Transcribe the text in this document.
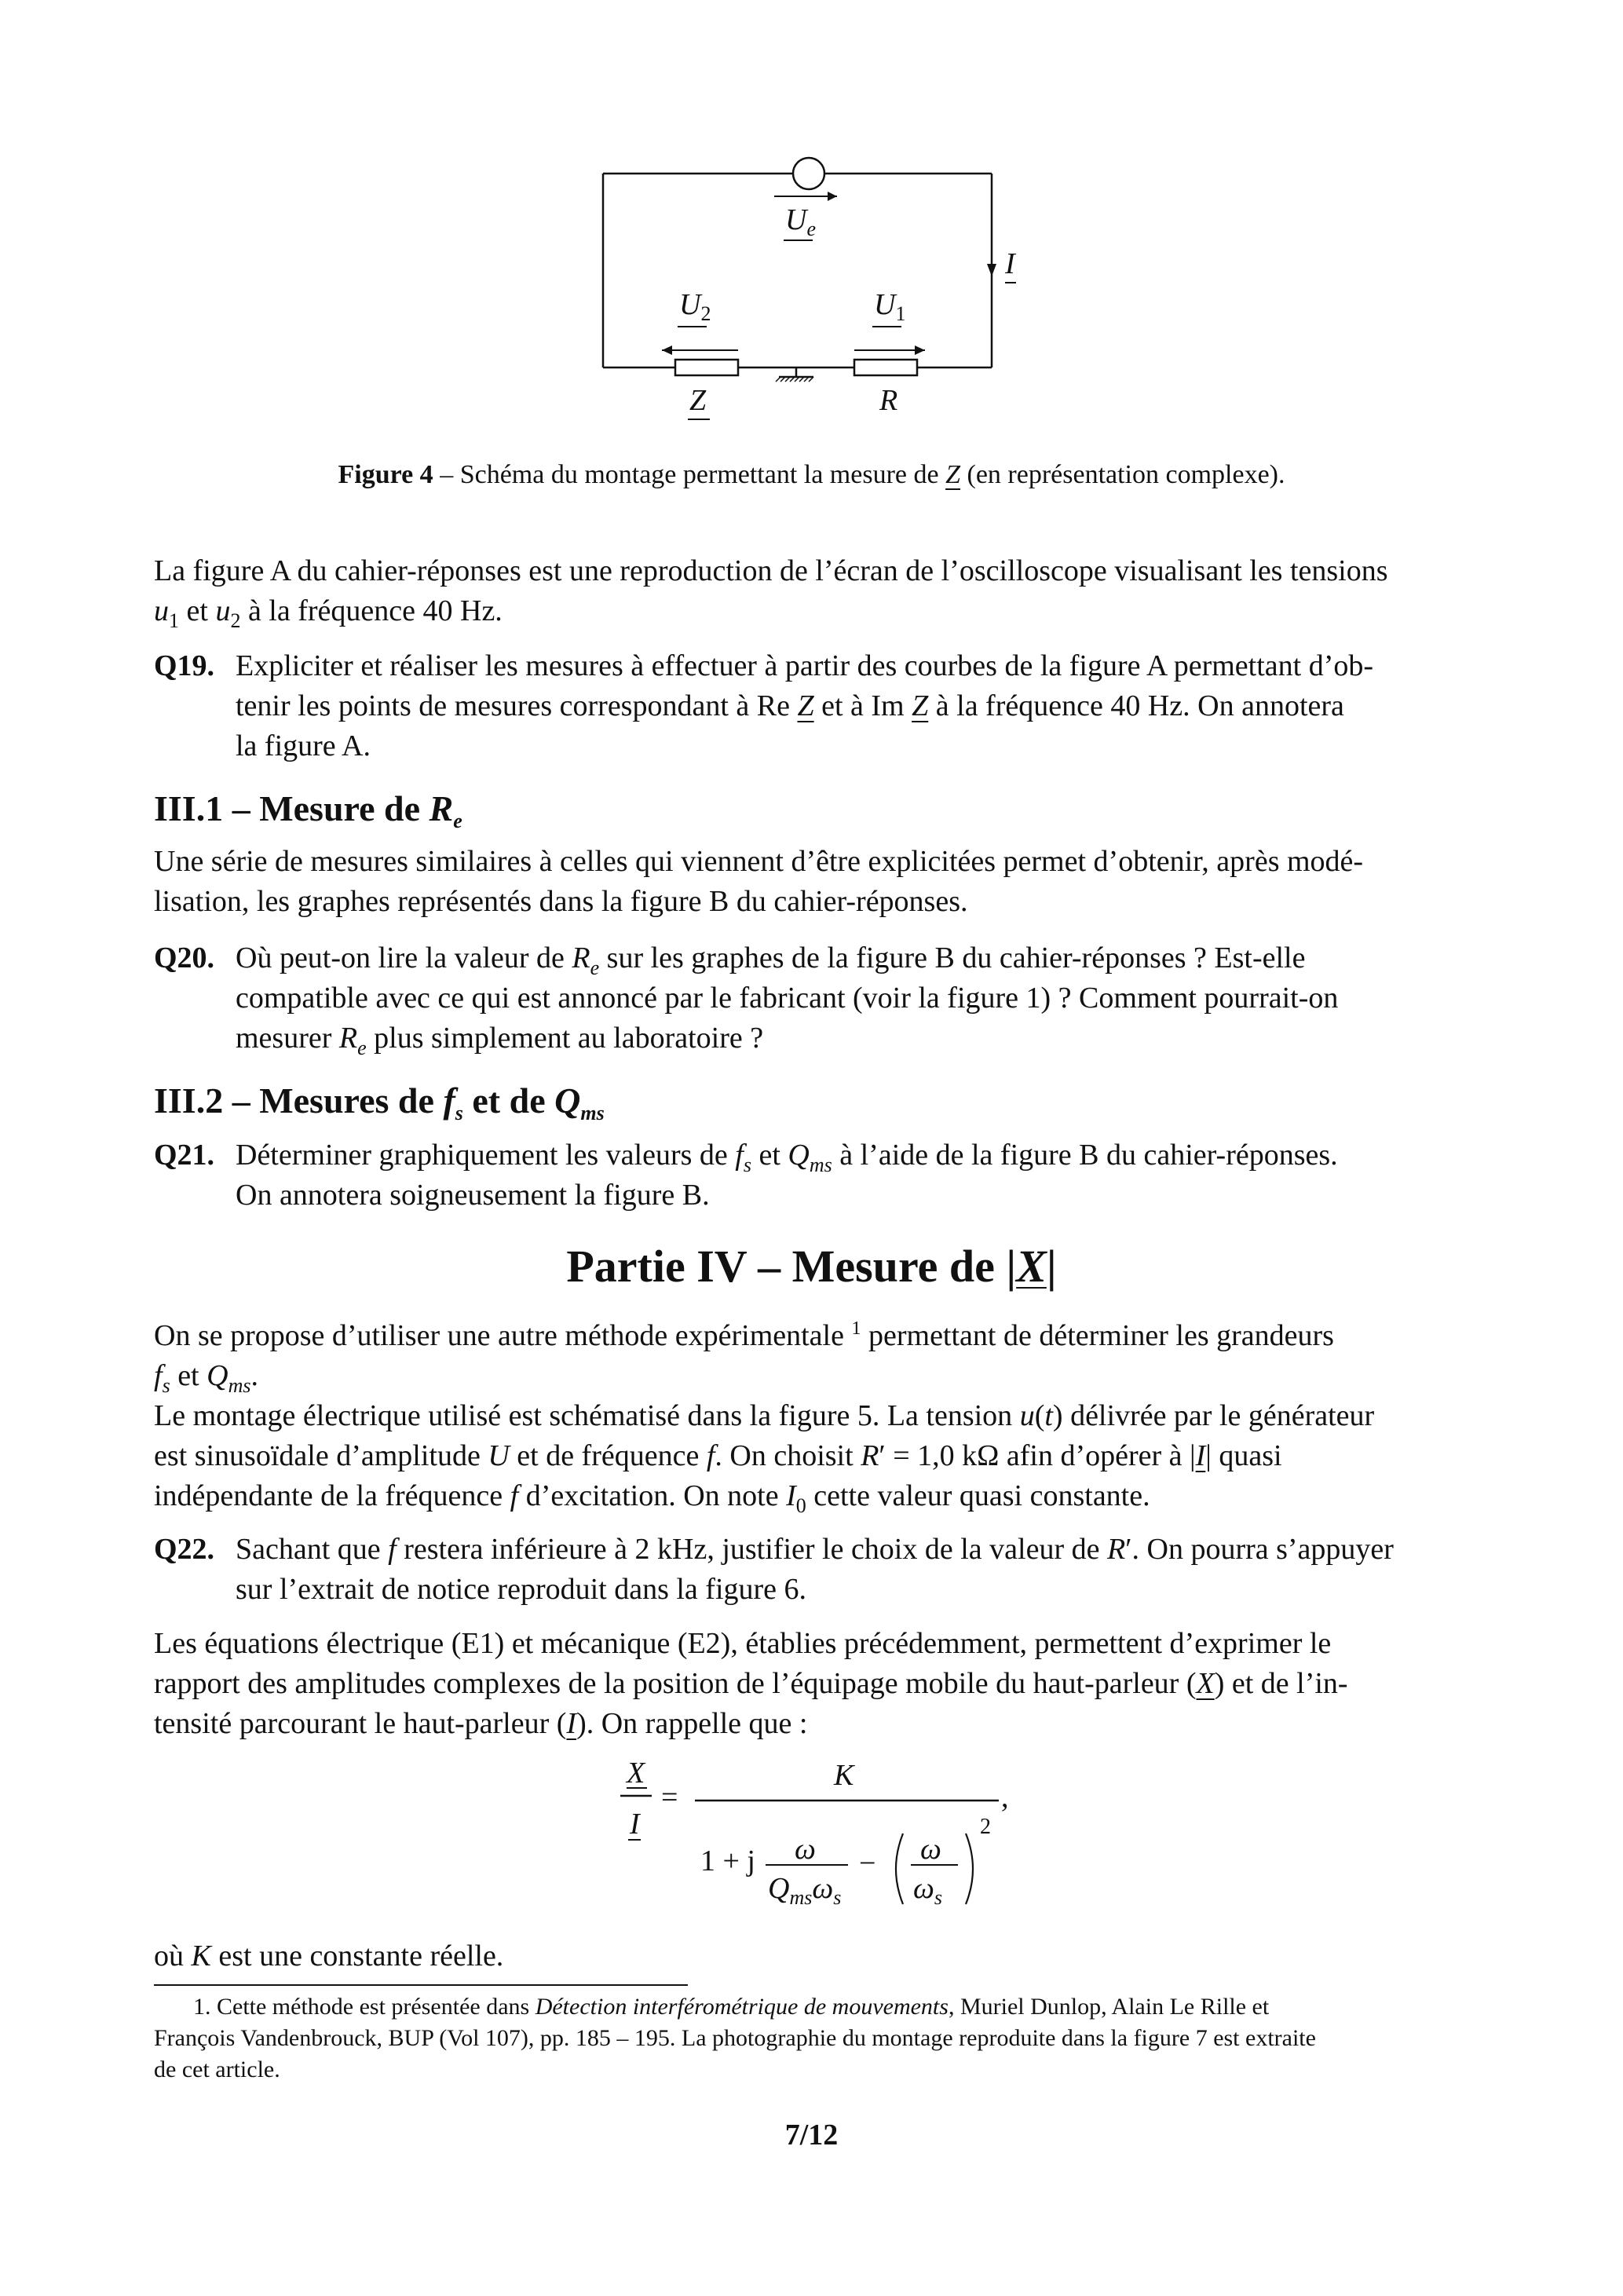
$U_e$
I
$U_2$	$U_1$
Z	R
Figure 4 – Schéma du montage permettant la mesure de Z (en représentation complexe).
La figure A du cahier-réponses est une reproduction de l’écran de l’oscilloscope visualisant les tensions
$u_1$ et $u_2$ à la fréquence 40 Hz.
Q19. Expliciter et réaliser les mesures à effectuer à partir des courbes de la figure A permettant d’ob-
tenir les points de mesures correspondant à Re Z et à Im Z à la fréquence 40 Hz. On annotera
la figure A.
III.1 – Mesure de $R_e$
Une série de mesures similaires à celles qui viennent d’être explicitées permet d’obtenir, après modé-
lisation, les graphes représentés dans la figure B du cahier-réponses.
Q20. Où peut-on lire la valeur de $R_e$ sur les graphes de la figure B du cahier-réponses ? Est-elle
compatible avec ce qui est annoncé par le fabricant (voir la figure 1) ? Comment pourrait-on
mesurer $R_e$ plus simplement au laboratoire ?
III.2 – Mesures de $f_s$ et de $Q_{ms}$
Q21. Déterminer graphiquement les valeurs de $f_s$ et $Q_{ms}$ à l’aide de la figure B du cahier-réponses.
On annotera soigneusement la figure B.
Partie IV – Mesure de |X|
On se propose d’utiliser une autre méthode expérimentale $^1$ permettant de déterminer les grandeurs
$f_s$ et $Q_{ms}$.
Le montage électrique utilisé est schématisé dans la figure 5. La tension u(t) délivrée par le générateur
est sinusoïdale d’amplitude U et de fréquence f. On choisit R′ = 1,0 kΩ afin d’opérer à |I| quasi
indépendante de la fréquence f d’excitation. On note $I_0$ cette valeur quasi constante.
Q22. Sachant que f restera inférieure à 2 kHz, justifier le choix de la valeur de R′. On pourra s’appuyer
sur l’extrait de notice reproduit dans la figure 6.
Les équations électrique (E1) et mécanique (E2), établies précédemment, permettent d’exprimer le
rapport des amplitudes complexes de la position de l’équipage mobile du haut-parleur (X) et de l’in-
tensité parcourant le haut-parleur (I). On rappelle que :
X
I
=
K
,
1 + j ω
$Q_{ms}\omega_s$
− ω
$\omega_s$
2
où K est une constante réelle.
1. Cette méthode est présentée dans Détection interférométrique de mouvements, Muriel Dunlop, Alain Le Rille et
François Vandenbrouck, BUP (Vol 107), pp. 185 – 195. La photographie du montage reproduite dans la figure 7 est extraite
de cet article.
7/12
